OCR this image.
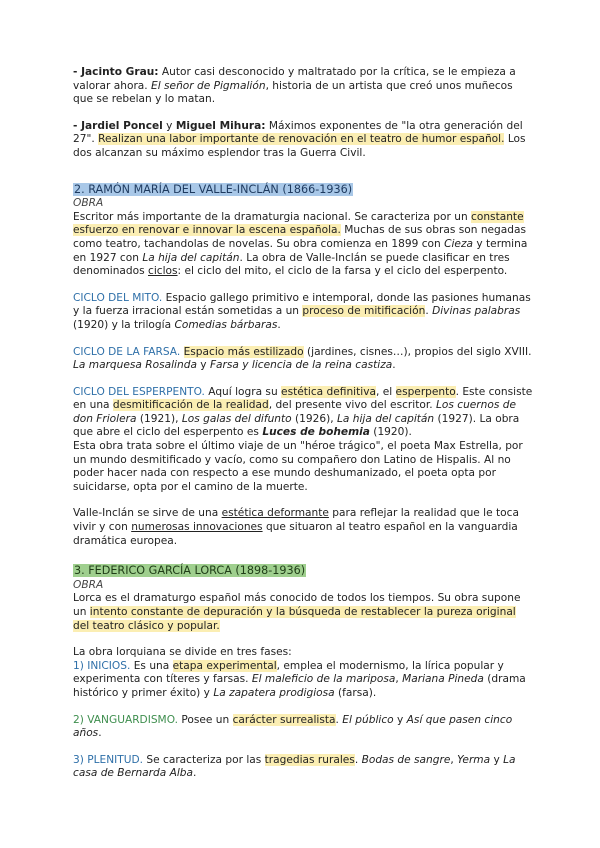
- Jacinto Grau: Autor casi desconocido y maltratado por la crítica, se le empieza a valorar ahora. El señor de Pigmalión, historia de un artista que creó unos muñecos que se rebelan y lo matan.

- Jardiel Poncel y Miguel Mihura: Máximos exponentes de "la otra generación del 27". Realizan una labor importante de renovación en el teatro de humor español. Los dos alcanzan su máximo esplendor tras la Guerra Civil.

2. RAMÓN MARÍA DEL VALLE-INCLÁN (1866-1936)

OBRA

Escritor más importante de la dramaturgia nacional. Se caracteriza por un constante esfuerzo en renovar e innovar la escena española. Muchas de sus obras son negadas como teatro, tachandolas de novelas. Su obra comienza en 1899 con Cieza y termina en 1927 con La hija del capitán. La obra de Valle-Inclán se puede clasificar en tres denominados ciclos: el ciclo del mito, el ciclo de la farsa y el ciclo del esperpento.

CICLO DEL MITO. Espacio gallego primitivo e intemporal, donde las pasiones humanas y la fuerza irracional están sometidas a un proceso de mitificación. Divinas palabras (1920) y la trilogía Comedias bárbaras.

CICLO DE LA FARSA. Espacio más estilizado (jardines, cisnes…), propios del siglo XVIII. La marquesa Rosalinda y Farsa y licencia de la reina castiza.

CICLO DEL ESPERPENTO. Aquí logra su estética definitiva, el esperpento. Este consiste en una desmitificación de la realidad, del presente vivo del escritor. Los cuernos de don Friolera (1921), Los galas del difunto (1926), La hija del capitán (1927). La obra que abre el ciclo del esperpento es Luces de bohemia (1920).

Esta obra trata sobre el último viaje de un "héroe trágico", el poeta Max Estrella, por un mundo desmitificado y vacío, como su compañero don Latino de Hispalis. Al no poder hacer nada con respecto a ese mundo deshumanizado, el poeta opta por suicidarse, opta por el camino de la muerte.

Valle-Inclán se sirve de una estética deformante para reflejar la realidad que le toca vivir y con numerosas innovaciones que situaron al teatro español en la vanguardia dramática europea.

3. FEDERICO GARCÍA LORCA (1898-1936)

OBRA

Lorca es el dramaturgo español más conocido de todos los tiempos. Su obra supone un intento constante de depuración y la búsqueda de restablecer la pureza original del teatro clásico y popular.

La obra lorquiana se divide en tres fases:

1) INICIOS. Es una etapa experimental, emplea el modernismo, la lírica popular y experimenta con títeres y farsas. El maleficio de la mariposa, Mariana Pineda (drama histórico y primer éxito) y La zapatera prodigiosa (farsa).

2) VANGUARDISMO. Posee un carácter surrealista. El público y Así que pasen cinco años.

3) PLENITUD. Se caracteriza por las tragedias rurales. Bodas de sangre, Yerma y La casa de Bernarda Alba.
